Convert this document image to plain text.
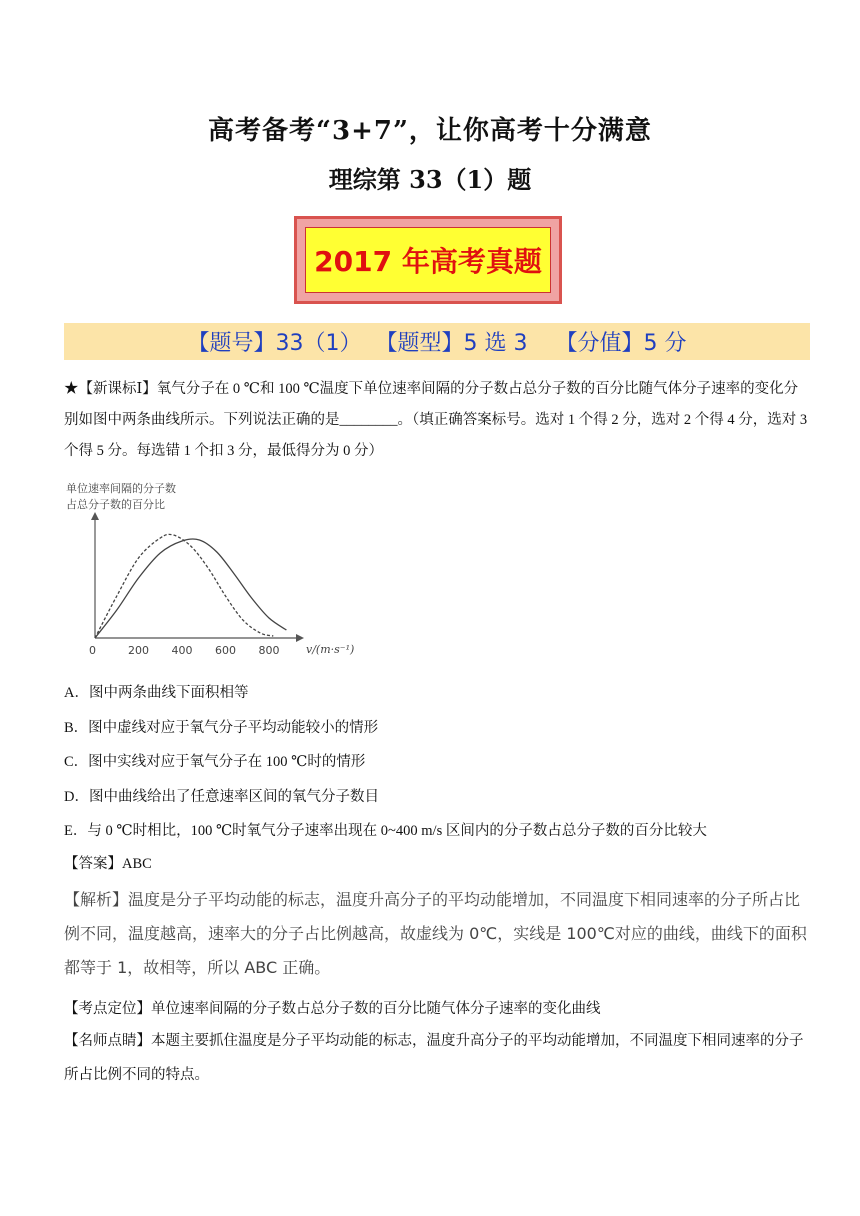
高考备考“3+7”，让你高考十分满意
理综第 33（1）题
2017 年高考真题
【题号】33（1）
【题型】5 选 3
【分值】5 分
★【新课标Ⅰ】氧气分子在 0 ℃和 100 ℃温度下单位速率间隔的分子数占总分子数的百分比随气体分子速率的变化分别如图中两条曲线所示。下列说法正确的是________。（填正确答案标号。选对 1 个得 2 分，选对 2 个得 4 分，选对 3 个得 5 分。每选错 1 个扣 3 分，最低得分为 0 分）
单位速率间隔的分子数
占总分子数的百分比
0	200 400 600 800 v/(m·s⁻¹)
A．图中两条曲线下面积相等
B．图中虚线对应于氧气分子平均动能较小的情形
C．图中实线对应于氧气分子在 100 ℃时的情形
D．图中曲线给出了任意速率区间的氧气分子数目
E．与 0 ℃时相比，100 ℃时氧气分子速率出现在 0~400 m/s 区间内的分子数占总分子数的百分比较大
【答案】ABC
【解析】温度是分子平均动能的标志，温度升高分子的平均动能增加，不同温度下相同速率的分子所占比
例不同，温度越高，速率大的分子占比例越高，故虚线为 0℃，实线是 100℃对应的曲线，曲线下的面积
都等于 1，故相等，所以 ABC 正确。
【考点定位】单位速率间隔的分子数占总分子数的百分比随气体分子速率的变化曲线
【名师点睛】本题主要抓住温度是分子平均动能的标志，温度升高分子的平均动能增加，不同温度下相同速率的分子所占比例不同的特点。
